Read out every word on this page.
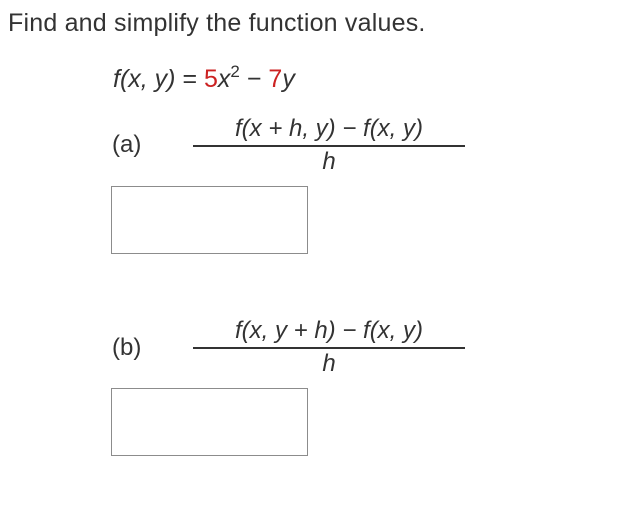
Find and simplify the function values.
f(x, $y) = 5x^2 - 7y$
$(a) \frac{f(x + h, y) - f(x, y)}{h}$
$(b) \frac{f(x, y + h) - f(x, y)}{h}$
